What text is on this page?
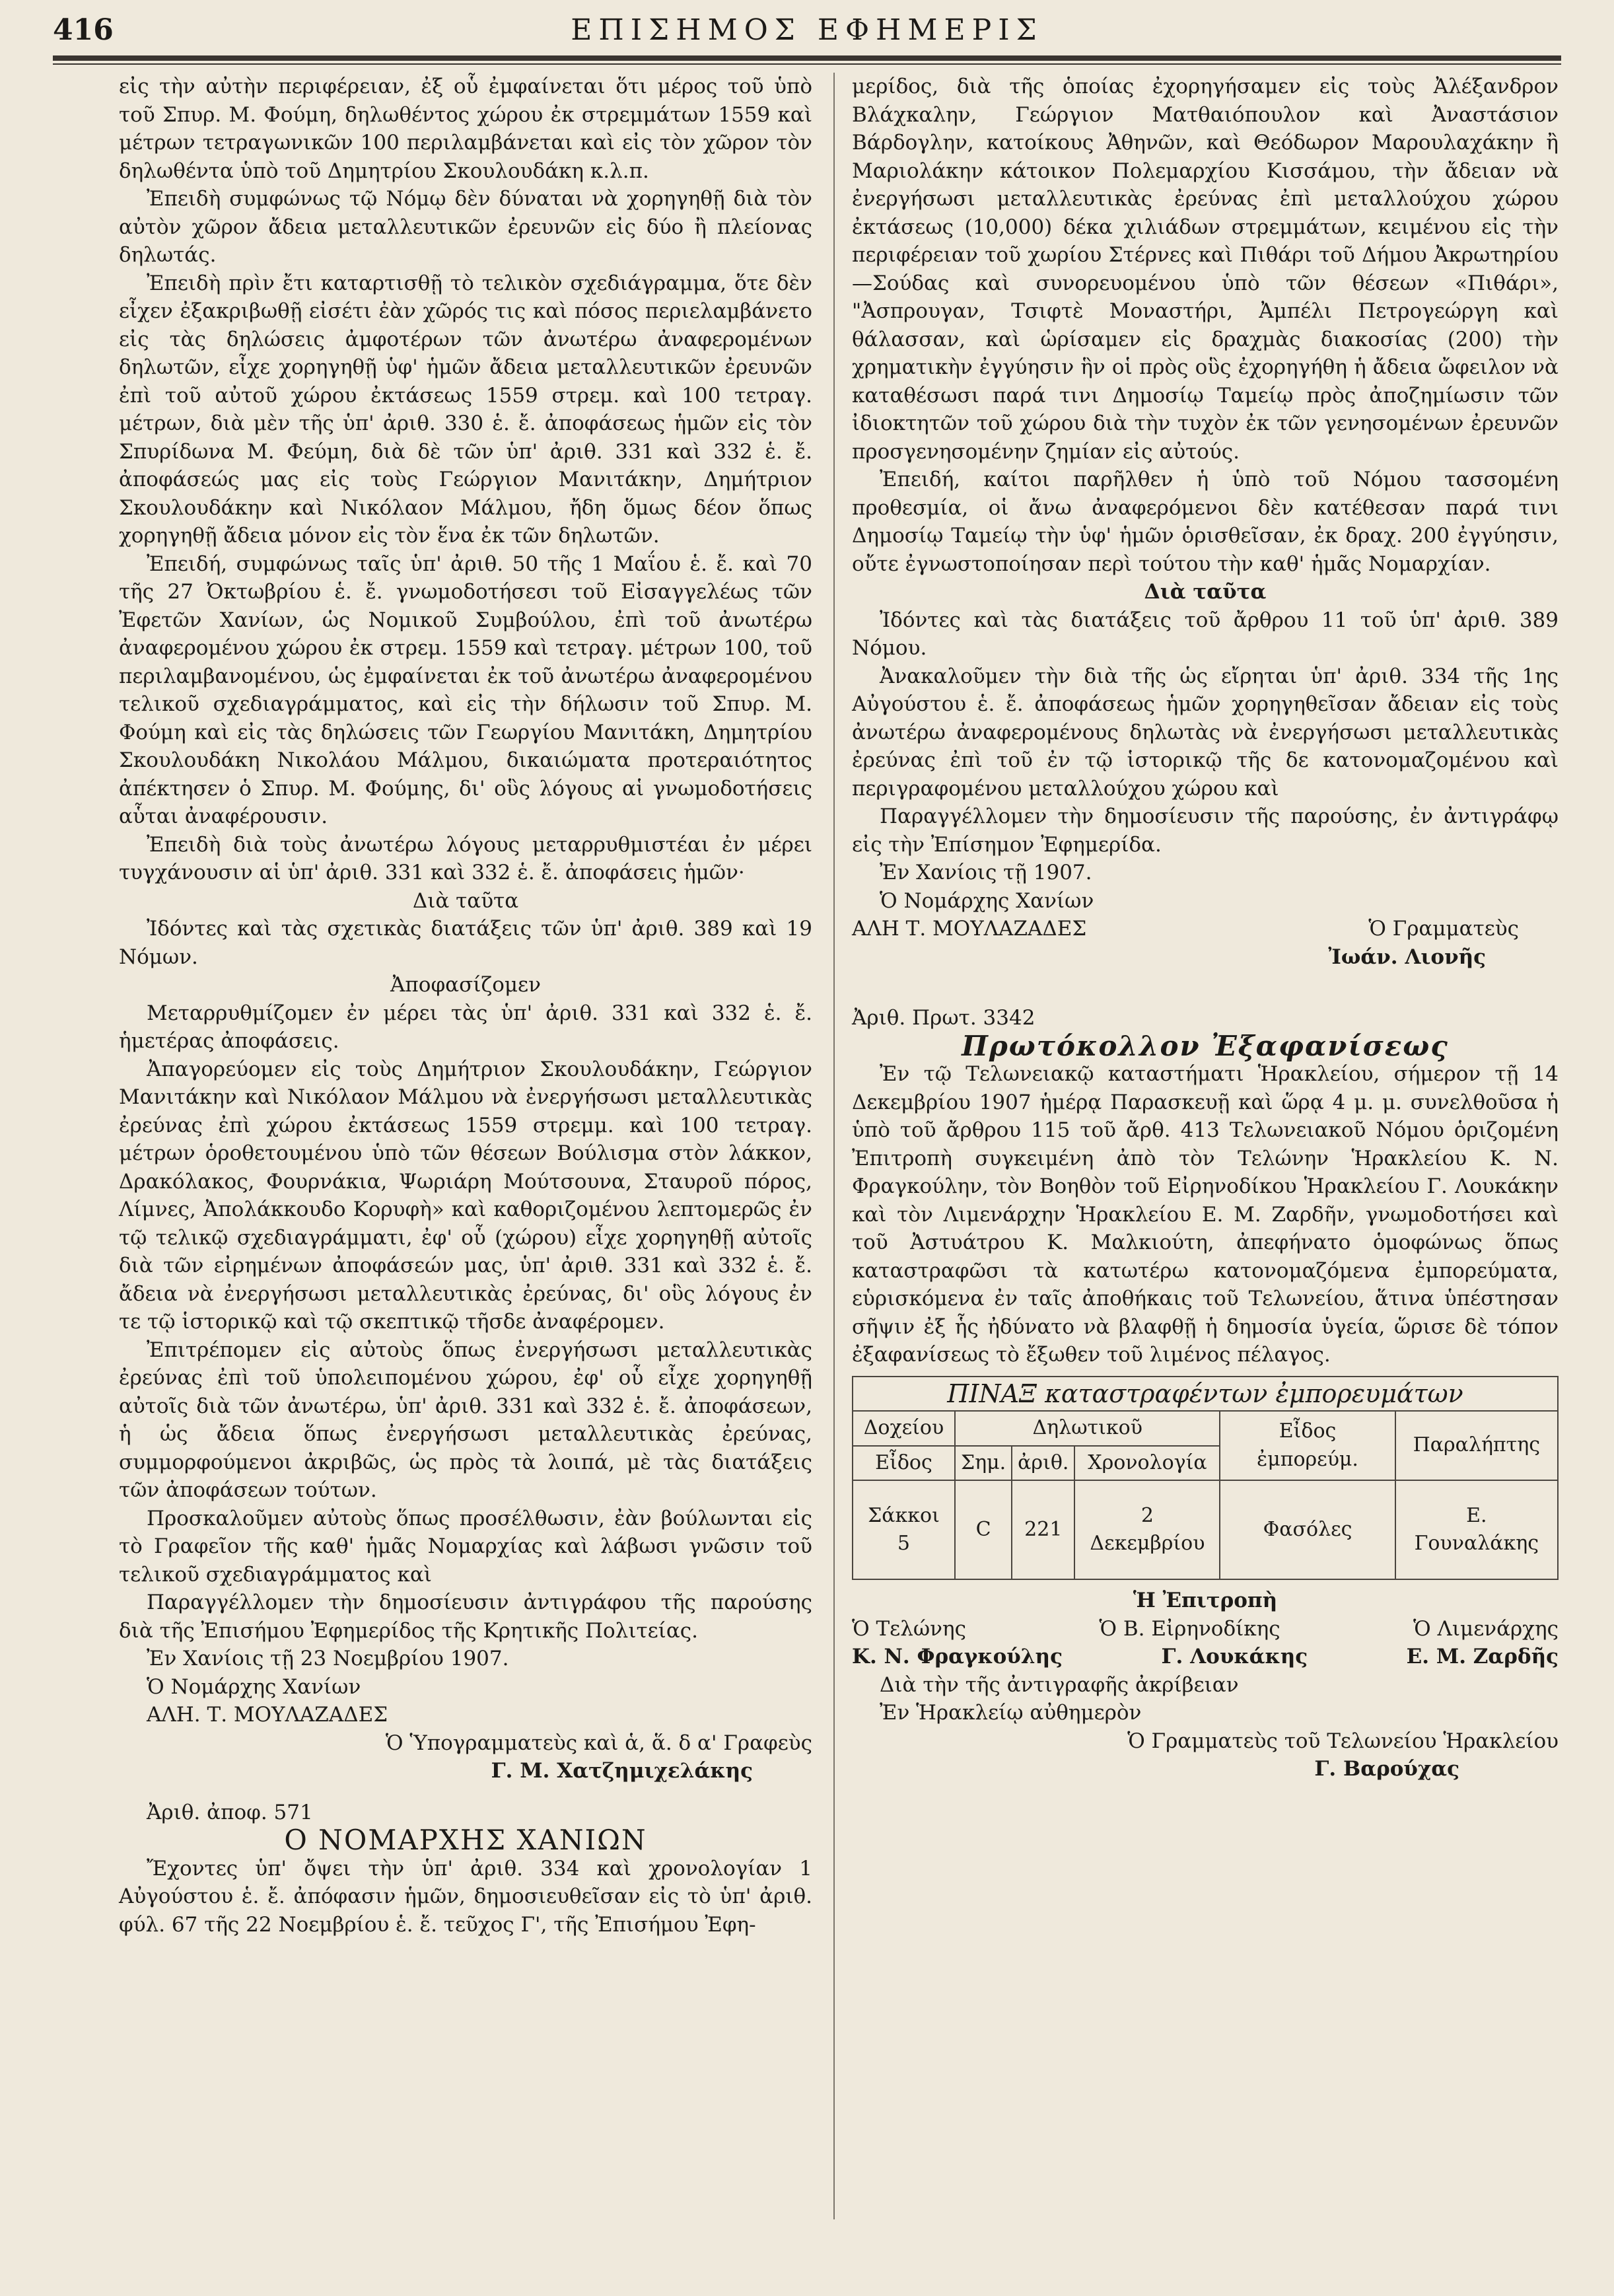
416	ΕΠΙΣΗΜΟΣ ΕΦΗΜΕΡΙΣ

εἰς τὴν αὐτὴν περιφέρειαν, ἐξ οὗ ἐμφαίνεται ὅτι μέρος τοῦ ὑπὸ τοῦ Σπυρ. Μ. Φούμη, δηλωθέντος χώρου ἐκ στρεμμάτων 1559 καὶ μέτρων τετραγωνικῶν 100 περιλαμβάνεται καὶ εἰς τὸν χῶρον τὸν δηλωθέντα ὑπὸ τοῦ Δημητρίου Σκουλουδάκη κ.λ.π.

Ἐπειδὴ συμφώνως τῷ Νόμῳ δὲν δύναται νὰ χορηγηθῇ διὰ τὸν αὐτὸν χῶρον ἄδεια μεταλλευτικῶν ἐρευνῶν εἰς δύο ἢ πλείονας δηλωτάς.

Ἐπειδὴ πρὶν ἔτι καταρτισθῇ τὸ τελικὸν σχεδιάγραμμα, ὅτε δὲν εἶχεν ἐξακριβωθῇ εἰσέτι ἐὰν χῶρός τις καὶ πόσος περιελαμβάνετο εἰς τὰς δηλώσεις ἀμφοτέρων τῶν ἀνωτέρω ἀναφερομένων δηλωτῶν, εἶχε χορηγηθῇ ὑφ' ἡμῶν ἄδεια μεταλλευτικῶν ἐρευνῶν ἐπὶ τοῦ αὐτοῦ χώρου ἐκτάσεως 1559 στρεμ. καὶ 100 τετραγ. μέτρων, διὰ μὲν τῆς ὑπ' ἀριθ. 330 ἑ. ἔ. ἀποφάσεως ἡμῶν εἰς τὸν Σπυρίδωνα Μ. Φεύμη, διὰ δὲ τῶν ὑπ' ἀριθ. 331 καὶ 332 ἑ. ἔ. ἀποφάσεώς μας εἰς τοὺς Γεώργιον Μανιτάκην, Δημήτριον Σκουλουδάκην καὶ Νικόλαον Μάλμου, ἤδη ὅμως δέον ὅπως χορηγηθῇ ἄδεια μόνον εἰς τὸν ἕνα ἐκ τῶν δηλωτῶν.

Ἐπειδή, συμφώνως ταῖς ὑπ' ἀριθ. 50 τῆς 1 Μαΐου ἑ. ἔ. καὶ 70 τῆς 27 Ὀκτωβρίου ἑ. ἔ. γνωμοδοτήσεσι τοῦ Εἰσαγγελέως τῶν Ἐφετῶν Χανίων, ὡς Νομικοῦ Συμβούλου, ἐπὶ τοῦ ἀνωτέρω ἀναφερομένου χώρου ἐκ στρεμ. 1559 καὶ τετραγ. μέτρων 100, τοῦ περιλαμβανομένου, ὡς ἐμφαίνεται ἐκ τοῦ ἀνωτέρω ἀναφερομένου τελικοῦ σχεδιαγράμματος, καὶ εἰς τὴν δήλωσιν τοῦ Σπυρ. Μ. Φούμη καὶ εἰς τὰς δηλώσεις τῶν Γεωργίου Μανιτάκη, Δημητρίου Σκουλουδάκη Νικολάου Μάλμου, δικαιώματα προτεραιότητος ἀπέκτησεν ὁ Σπυρ. Μ. Φούμης, δι' οὓς λόγους αἱ γνωμοδοτήσεις αὗται ἀναφέρουσιν.

Ἐπειδὴ διὰ τοὺς ἀνωτέρω λόγους μεταρρυθμιστέαι ἐν μέρει τυγχάνουσιν αἱ ὑπ' ἀριθ. 331 καὶ 332 ἑ. ἔ. ἀποφάσεις ἡμῶν·

Διὰ ταῦτα

Ἰδόντες καὶ τὰς σχετικὰς διατάξεις τῶν ὑπ' ἀριθ. 389 καὶ 19 Νόμων.

Ἀποφασίζομεν

Μεταρρυθμίζομεν ἐν μέρει τὰς ὑπ' ἀριθ. 331 καὶ 332 ἑ. ἔ. ἡμετέρας ἀποφάσεις.

Ἀπαγορεύομεν εἰς τοὺς Δημήτριον Σκουλουδάκην, Γεώργιον Μανιτάκην καὶ Νικόλαον Μάλμου νὰ ἐνεργήσωσι μεταλλευτικὰς ἐρεύνας ἐπὶ χώρου ἐκτάσεως 1559 στρεμμ. καὶ 100 τετραγ. μέτρων ὁροθετουμένου ὑπὸ τῶν θέσεων Βούλισμα στὸν λάκκον, Δρακόλακος, Φουρνάκια, Ψωριάρη Μούτσουνα, Σταυροῦ πόρος, Λίμνες, Ἀπολάκκουδο Κορυφὴ» καὶ καθοριζομένου λεπτομερῶς ἐν τῷ τελικῷ σχεδιαγράμματι, ἐφ' οὗ (χώρου) εἶχε χορηγηθῇ αὐτοῖς διὰ τῶν εἰρημένων ἀποφάσεών μας, ὑπ' ἀριθ. 331 καὶ 332 ἑ. ἔ. ἄδεια νὰ ἐνεργήσωσι μεταλλευτικὰς ἐρεύνας, δι' οὓς λόγους ἐν τε τῷ ἱστορικῷ καὶ τῷ σκεπτικῷ τῆσδε ἀναφέρομεν.

Ἐπιτρέπομεν εἰς αὐτοὺς ὅπως ἐνεργήσωσι μεταλλευτικὰς ἐρεύνας ἐπὶ τοῦ ὑπολειπομένου χώρου, ἐφ' οὗ εἶχε χορηγηθῇ αὐτοῖς διὰ τῶν ἀνωτέρω, ὑπ' ἀριθ. 331 καὶ 332 ἑ. ἔ. ἀποφάσεων, ἡ ὡς ἄδεια ὅπως ἐνεργήσωσι μεταλλευτικὰς ἐρεύνας, συμμορφούμενοι ἀκριβῶς, ὡς πρὸς τὰ λοιπά, μὲ τὰς διατάξεις τῶν ἀποφάσεων τούτων.

Προσκαλοῦμεν αὐτοὺς ὅπως προσέλθωσιν, ἐὰν βούλωνται εἰς τὸ Γραφεῖον τῆς καθ' ἡμᾶς Νομαρχίας καὶ λάβωσι γνῶσιν τοῦ τελικοῦ σχεδιαγράμματος καὶ

Παραγγέλλομεν τὴν δημοσίευσιν ἀντιγράφου τῆς παρούσης διὰ τῆς Ἐπισήμου Ἐφημερίδος τῆς Κρητικῆς Πολιτείας.

Ἐν Χανίοις τῇ 23 Νοεμβρίου 1907.

Ὁ Νομάρχης Χανίων

ΑΛΗ. Τ. ΜΟΥΛΑΖΑΔΕΣ

Ὁ Ὑπογραμματεὺς καὶ ἁ, ἅ. δ α' Γραφεὺς

Γ. Μ. Χατζημιχελάκης

Ἀριθ. ἀποφ. 571

Ο ΝΟΜΑΡΧΗΣ ΧΑΝΙΩΝ

Ἔχοντες ὑπ' ὄψει τὴν ὑπ' ἀριθ. 334 καὶ χρονολογίαν 1 Αὐγούστου ἑ. ἔ. ἀπόφασιν ἡμῶν, δημοσιευθεῖσαν εἰς τὸ ὑπ' ἀριθ. φύλ. 67 τῆς 22 Νοεμβρίου ἑ. ἔ. τεῦχος Γ', τῆς Ἐπισήμου Ἐφη-

μερίδος, διὰ τῆς ὁποίας ἐχορηγήσαμεν εἰς τοὺς Ἀλέξανδρον Βλάχκαλην, Γεώργιον Ματθαιόπουλον καὶ Ἀναστάσιον Βάρδογλην, κατοίκους Ἀθηνῶν, καὶ Θεόδωρον Μαρουλαχάκην ἢ Μαριολάκην κάτοικον Πολεμαρχίου Κισσάμου, τὴν ἄδειαν νὰ ἐνεργήσωσι μεταλλευτικὰς ἐρεύνας ἐπὶ μεταλλούχου χώρου ἐκτάσεως (10,000) δέκα χιλιάδων στρεμμάτων, κειμένου εἰς τὴν περιφέρειαν τοῦ χωρίου Στέρνες καὶ Πιθάρι τοῦ Δήμου Ἀκρωτηρίου—Σούδας καὶ συνορευομένου ὑπὸ τῶν θέσεων «Πιθάρι», "Ἀσπρουγαν, Τσιφτὲ Μοναστήρι, Ἀμπέλι Πετρογεώργη καὶ θάλασσαν, καὶ ὡρίσαμεν εἰς δραχμὰς διακοσίας (200) τὴν χρηματικὴν ἐγγύησιν ἣν οἱ πρὸς οὓς ἐχορηγήθη ἡ ἄδεια ὤφειλον νὰ καταθέσωσι παρά τινι Δημοσίῳ Ταμείῳ πρὸς ἀποζημίωσιν τῶν ἰδιοκτητῶν τοῦ χώρου διὰ τὴν τυχὸν ἐκ τῶν γενησομένων ἐρευνῶν προσγενησομένην ζημίαν εἰς αὐτούς.

Ἐπειδή, καίτοι παρῆλθεν ἡ ὑπὸ τοῦ Νόμου τασσομένη προθεσμία, οἱ ἄνω ἀναφερόμενοι δὲν κατέθεσαν παρά τινι Δημοσίῳ Ταμείῳ τὴν ὑφ' ἡμῶν ὁρισθεῖσαν, ἐκ δραχ. 200 ἐγγύησιν, οὔτε ἐγνωστοποίησαν περὶ τούτου τὴν καθ' ἡμᾶς Νομαρχίαν.

Διὰ ταῦτα

Ἰδόντες καὶ τὰς διατάξεις τοῦ ἄρθρου 11 τοῦ ὑπ' ἀριθ. 389 Νόμου.

Ἀνακαλοῦμεν τὴν διὰ τῆς ὡς εἴρηται ὑπ' ἀριθ. 334 τῆς 1ης Αὐγούστου ἑ. ἔ. ἀποφάσεως ἡμῶν χορηγηθεῖσαν ἄδειαν εἰς τοὺς ἀνωτέρω ἀναφερομένους δηλωτὰς νὰ ἐνεργήσωσι μεταλλευτικὰς ἐρεύνας ἐπὶ τοῦ ἐν τῷ ἱστορικῷ τῆς δε κατονομαζομένου καὶ περιγραφομένου μεταλλούχου χώρου καὶ

Παραγγέλλομεν τὴν δημοσίευσιν τῆς παρούσης, ἐν ἀντιγράφῳ εἰς τὴν Ἐπίσημον Ἐφημερίδα.

Ἐν Χανίοις τῇ 1907.

Ὁ Νομάρχης Χανίων

ΑΛΗ Τ. ΜΟΥΛΑΖΑΔΕΣ	Ὁ Γραμματεὺς

Ἰωάν. Λιονῆς

Ἀριθ. Πρωτ. 3342

Πρωτόκολλον Ἐξαφανίσεως

Ἐν τῷ Τελωνειακῷ καταστήματι Ἡρακλείου, σήμερον τῇ 14 Δεκεμβρίου 1907 ἡμέρᾳ Παρασκευῇ καὶ ὥρᾳ 4 μ. μ. συνελθοῦσα ἡ ὑπὸ τοῦ ἄρθρου 115 τοῦ ἄρθ. 413 Τελωνειακοῦ Νόμου ὁριζομένη Ἐπιτροπὴ συγκειμένη ἀπὸ τὸν Τελώνην Ἡρακλείου Κ. Ν. Φραγκούλην, τὸν Βοηθὸν τοῦ Εἰρηνοδίκου Ἡρακλείου Γ. Λουκάκην καὶ τὸν Λιμενάρχην Ἡρακλείου Ε. Μ. Ζαρδῆν, γνωμοδοτήσει καὶ τοῦ Ἀστυάτρου Κ. Μαλκιούτη, ἀπεφήνατο ὁμοφώνως ὅπως καταστραφῶσι τὰ κατωτέρω κατονομαζόμενα ἐμπορεύματα, εὑρισκόμενα ἐν ταῖς ἀποθήκαις τοῦ Τελωνείου, ἅτινα ὑπέστησαν σῆψιν ἐξ ἧς ἠδύνατο νὰ βλαφθῇ ἡ δημοσία ὑγεία, ὥρισε δὲ τόπον ἐξαφανίσεως τὸ ἔξωθεν τοῦ λιμένος πέλαγος.

ΠΙΝΑΞ καταστραφέντων ἐμπορευμάτων					
Δοχείου	Δηλωτικοῦ			Εἶδος ἐμπορεύμ.	Παραλήπτης
Εἶδος	Σημ.	ἀριθ.	Χρονολογία		
Σάκκοι 5	C	221	2 Δεκεμβρίου	Φασόλες	Ε. Γουναλάκης

Ἡ Ἐπιτροπὴ

Ὁ Τελώνης	Ὁ Β. Εἰρηνοδίκης	Ὁ Λιμενάρχης
Κ. Ν. Φραγκούλης	Γ. Λουκάκης	Ε. Μ. Ζαρδῆς

Διὰ τὴν τῆς ἀντιγραφῆς ἀκρίβειαν

Ἐν Ἡρακλείῳ αὐθημερὸν

Ὁ Γραμματεὺς τοῦ Τελωνείου Ἡρακλείου

Γ. Βαρούχας
